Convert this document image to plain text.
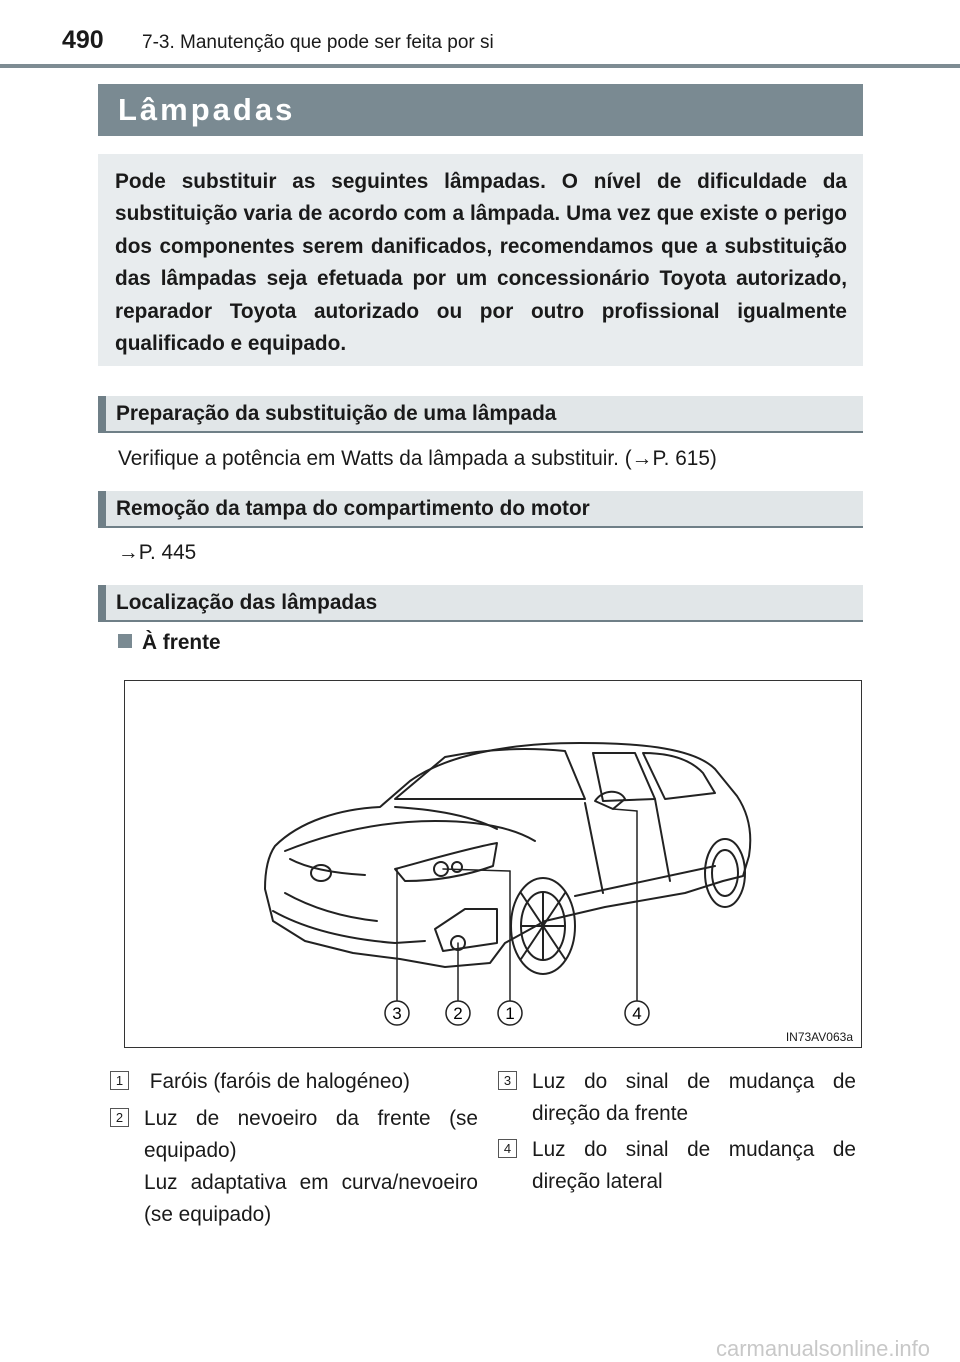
490 7-3. Manutenção que pode ser feita por si
Lâmpadas

Pode substituir as seguintes lâmpadas. O nível de dificuldade da substituição varia de acordo com a lâmpada. Uma vez que existe o perigo dos componentes serem danificados, recomendamos que a substituição das lâmpadas seja efetuada por um concessionário Toyota autorizado, reparador Toyota autorizado ou por outro profissional igualmente qualificado e equipado.

Preparação da substituição de uma lâmpada
Verifique a potência em Watts da lâmpada a substituir. (→P. 615)
Remoção da tampa do compartimento do motor
→P. 445
Localização das lâmpadas
À frente
3	2	1	4
IN73AV063a
1 Faróis (faróis de halogéneo)
2 Luz de nevoeiro da frente (se equipado)
Luz adaptativa em curva/nevoeiro (se equipado)
3 Luz do sinal de mudança de direção da frente
4 Luz do sinal de mudança de direção lateral
carmanualsonline.info
